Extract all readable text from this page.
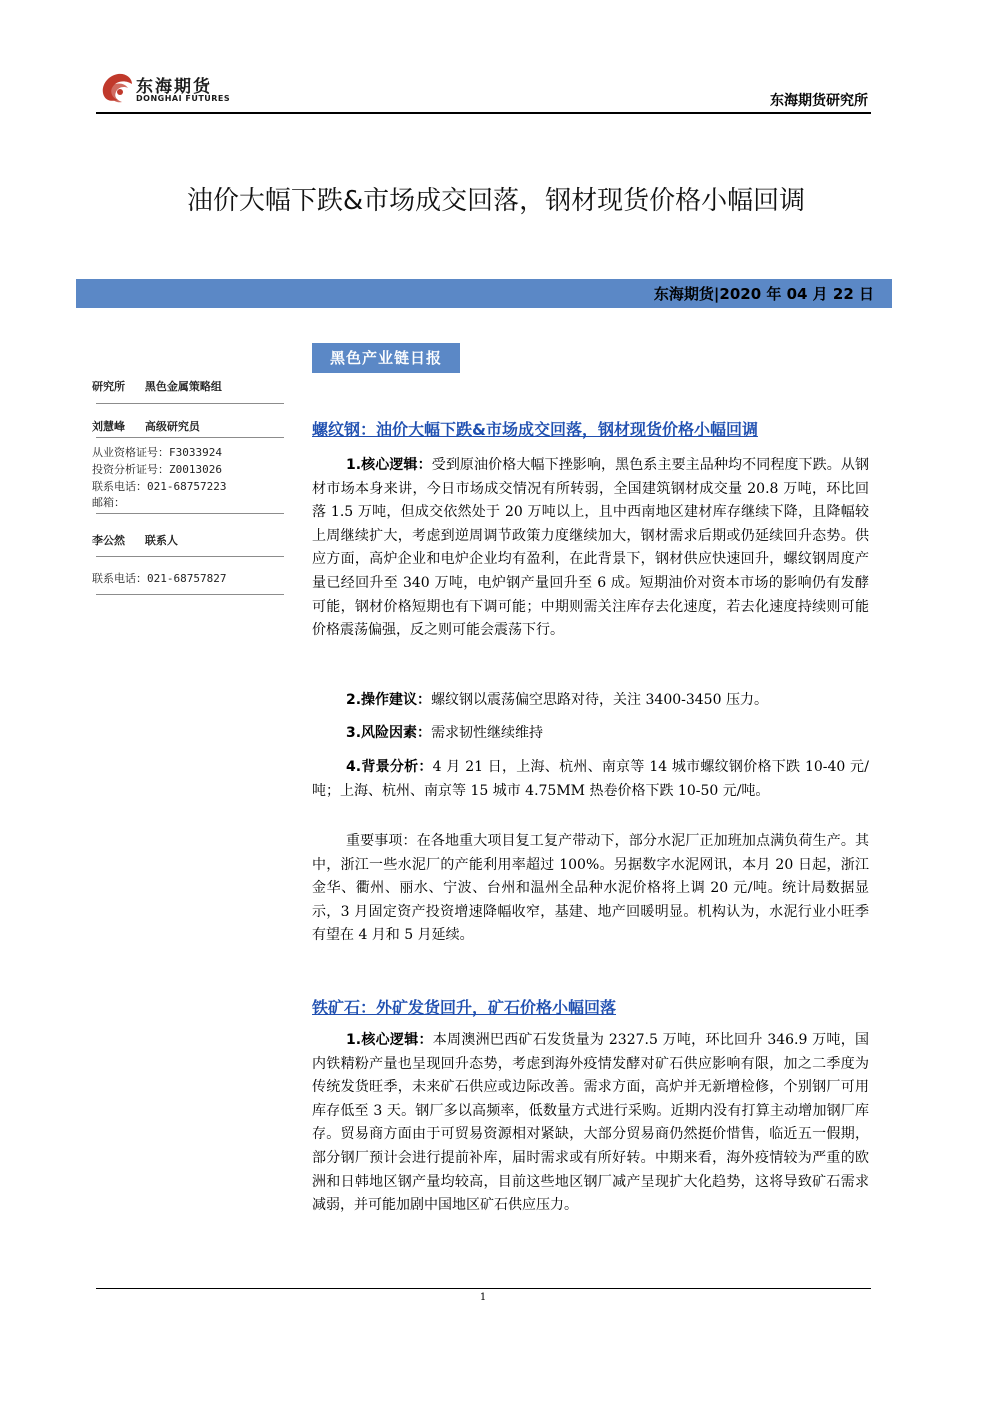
东海期货
DONGHAI FUTURES	东海期货研究所
油价大幅下跌&市场成交回落，钢材现货价格小幅回调
东海期货|2020 年 04 月 22 日
研究所 黑色金属策略组
刘慧峰 高级研究员
从业资格证号：F3033924
投资分析证号：Z0013026
联系电话：021-68757223
邮箱：
李公然 联系人
联系电话：021-68757827
黑色产业链日报
螺纹钢：油价大幅下跌&市场成交回落，钢材现货价格小幅回调
1.核心逻辑：受到原油价格大幅下挫影响，黑色系主要主品种均不同程度下跌。从钢材市场本身来讲，今日市场成交情况有所转弱，全国建筑钢材成交量 20.8 万吨，环比回落 1.5 万吨，但成交依然处于 20 万吨以上，且中西南地区建材库存继续下降，且降幅较上周继续扩大，考虑到逆周调节政策力度继续加大，钢材需求后期或仍延续回升态势。供应方面，高炉企业和电炉企业均有盈利，在此背景下，钢材供应快速回升，螺纹钢周度产量已经回升至 340 万吨，电炉钢产量回升至 6 成。短期油价对资本市场的影响仍有发酵可能，钢材价格短期也有下调可能；中期则需关注库存去化速度，若去化速度持续则可能价格震荡偏强，反之则可能会震荡下行。
2.操作建议：螺纹钢以震荡偏空思路对待，关注 3400-3450 压力。
3.风险因素：需求韧性继续维持
4.背景分析：4 月 21 日，上海、杭州、南京等 14 城市螺纹钢价格下跌 10-40 元/吨；上海、杭州、南京等 15 城市 4.75MM 热卷价格下跌 10-50 元/吨。
重要事项：在各地重大项目复工复产带动下，部分水泥厂正加班加点满负荷生产。其中，浙江一些水泥厂的产能利用率超过 100%。另据数字水泥网讯，本月 20 日起，浙江金华、衢州、丽水、宁波、台州和温州全品种水泥价格将上调 20 元/吨。统计局数据显示，3 月固定资产投资增速降幅收窄，基建、地产回暖明显。机构认为，水泥行业小旺季有望在 4 月和 5 月延续。
铁矿石：外矿发货回升，矿石价格小幅回落
1.核心逻辑：本周澳洲巴西矿石发货量为 2327.5 万吨，环比回升 346.9 万吨，国内铁精粉产量也呈现回升态势，考虑到海外疫情发酵对矿石供应影响有限，加之二季度为传统发货旺季，未来矿石供应或边际改善。需求方面，高炉并无新增检修，个别钢厂可用库存低至 3 天。钢厂多以高频率，低数量方式进行采购。近期内没有打算主动增加钢厂库存。贸易商方面由于可贸易资源相对紧缺，大部分贸易商仍然挺价惜售，临近五一假期，部分钢厂预计会进行提前补库，届时需求或有所好转。中期来看，海外疫情较为严重的欧洲和日韩地区钢产量均较高，目前这些地区钢厂减产呈现扩大化趋势，这将导致矿石需求减弱，并可能加剧中国地区矿石供应压力。
1
